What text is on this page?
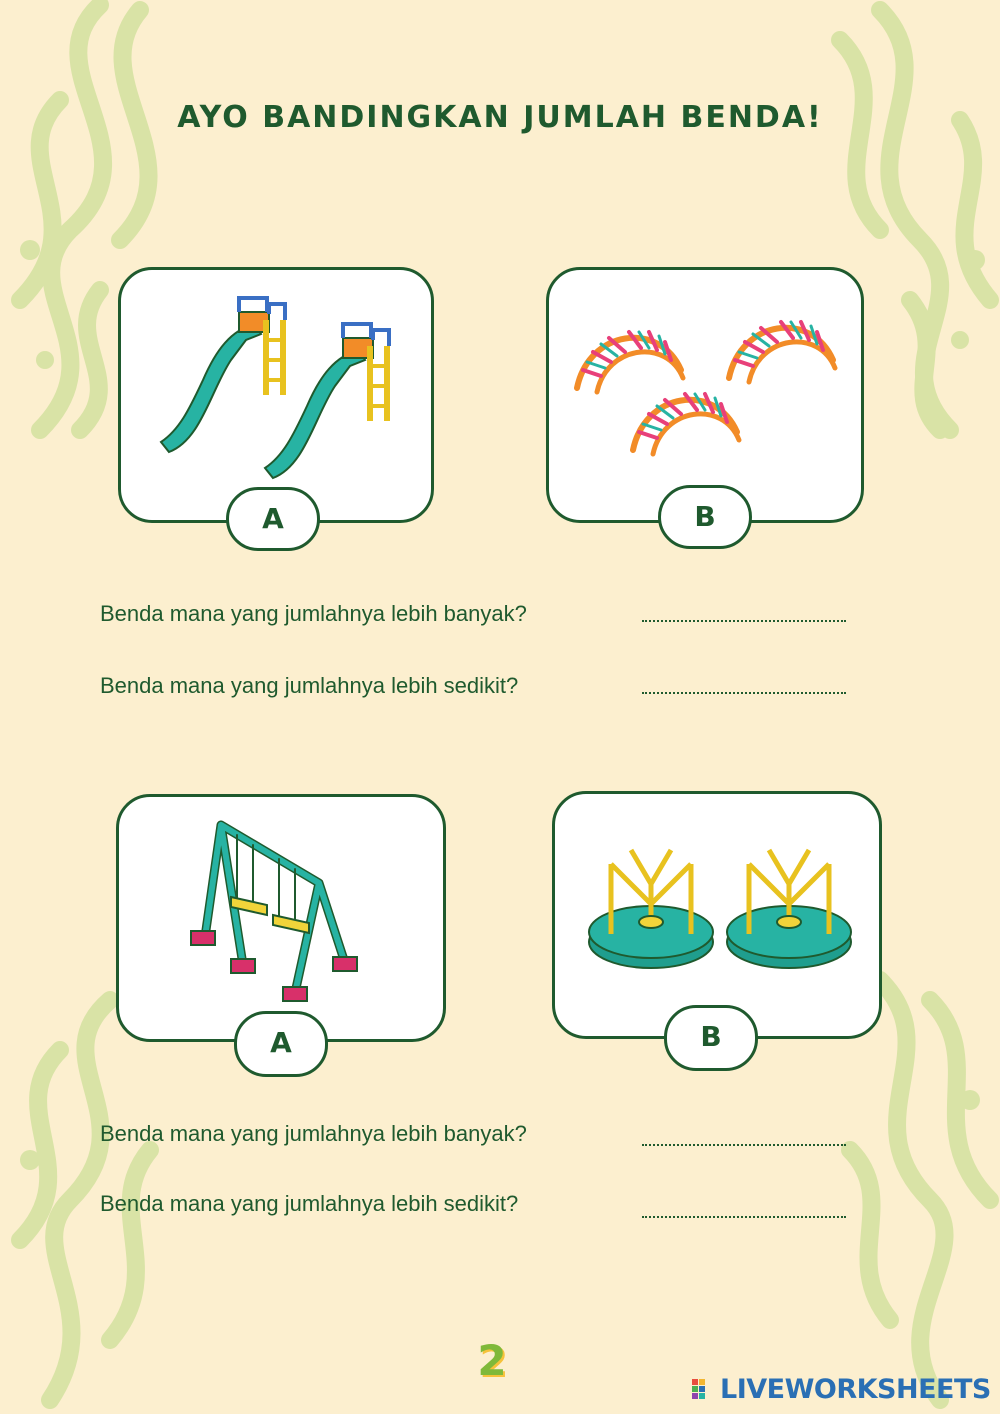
AYO BANDINGKAN JUMLAH BENDA!
A	B
Benda mana yang jumlahnya lebih banyak?
Benda mana yang jumlahnya lebih sedikit?
A	B
Benda mana yang jumlahnya lebih banyak?
Benda mana yang jumlahnya lebih sedikit?
2
LIVEWORKSHEETS
